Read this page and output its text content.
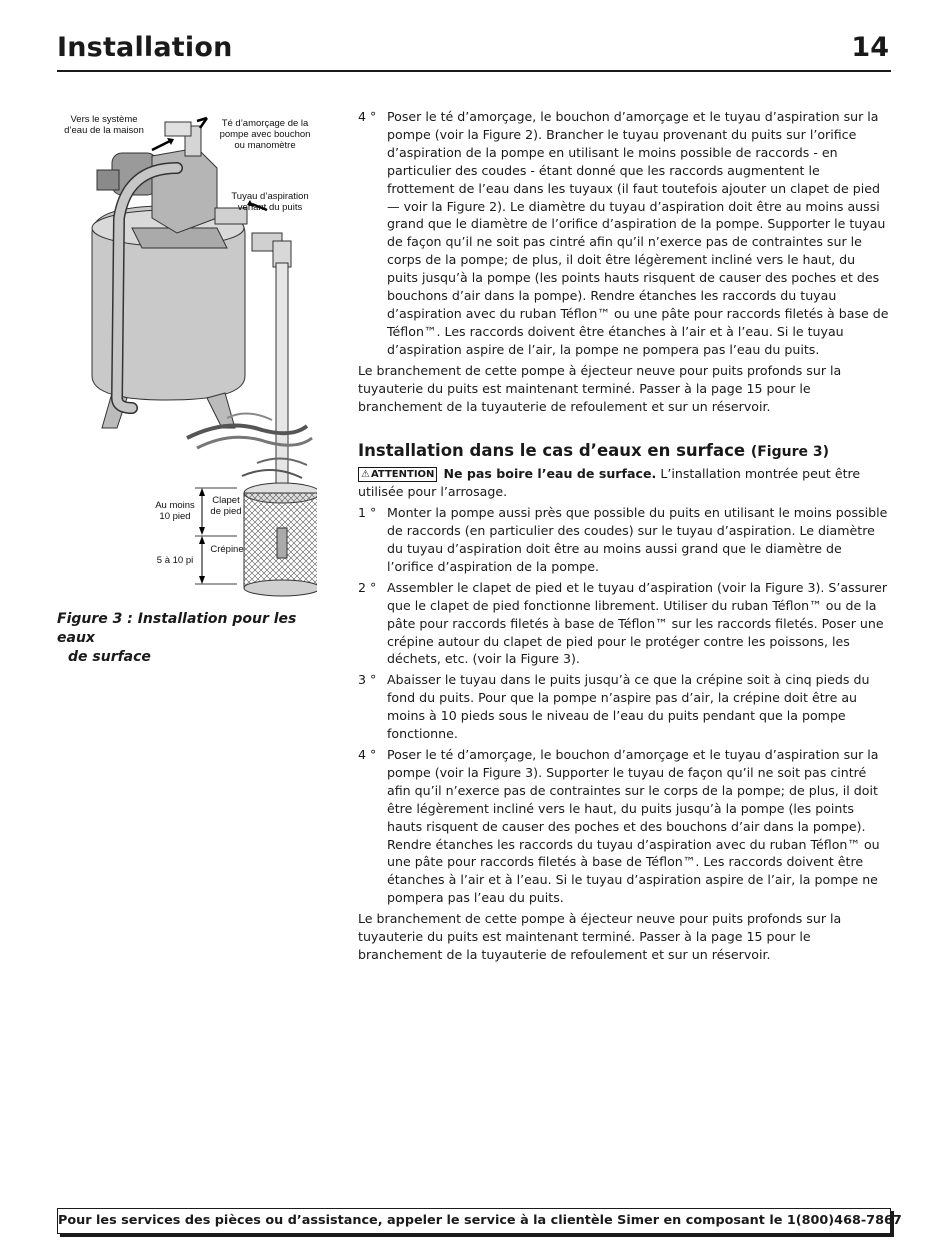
Installation	14
Vers le système d’eau de la maison
Té d’amorçage de la pompe avec bouchon ou manomètre
Tuyau d’aspiration venant du puits
Au moins 10 pied
Clapet de pied
5 à 10 pi
Crépine
Figure 3 : Installation pour les eaux
de surface
4 ° Poser le té d’amorçage, le bouchon d’amorçage et le tuyau d’aspiration sur la pompe (voir la Figure 2). Brancher le tuyau provenant du puits sur l’orifice d’aspiration de la pompe en utilisant le moins possible de raccords - en particulier des coudes - étant donné que les raccords augmentent le frottement de l’eau dans les tuyaux (il faut toutefois ajouter un clapet de pied — voir la Figure 2). Le diamètre du tuyau d’aspiration doit être au moins aussi grand que le diamètre de l’orifice d’aspiration de la pompe. Supporter le tuyau de façon qu’il ne soit pas cintré afin qu’il n’exerce pas de contraintes sur le corps de la pompe; de plus, il doit être légèrement incliné vers le haut, du puits jusqu’à la pompe (les points hauts risquent de causer des poches et des bouchons d’air dans la pompe). Rendre étanches les raccords du tuyau d’aspiration avec du ruban Téflon™ ou une pâte pour raccords filetés à base de Téflon™. Les raccords doivent être étanches à l’air et à l’eau. Si le tuyau d’aspiration aspire de l’air, la pompe ne pompera pas l’eau du puits.

Le branchement de cette pompe à éjecteur neuve pour puits profonds sur la tuyauterie du puits est maintenant terminé. Passer à la page 15 pour le branchement de la tuyauterie de refoulement et sur un réservoir.

Installation dans le cas d’eaux en surface (Figure 3)

⚠ATTENTION Ne pas boire l’eau de surface. L’installation montrée peut être utilisée pour l’arrosage.

1 ° Monter la pompe aussi près que possible du puits en utilisant le moins possible de raccords (en particulier des coudes) sur le tuyau d’aspiration. Le diamètre du tuyau d’aspiration doit être au moins aussi grand que le diamètre de l’orifice d’aspiration de la pompe.
2 ° Assembler le clapet de pied et le tuyau d’aspiration (voir la Figure 3). S’assurer que le clapet de pied fonctionne librement. Utiliser du ruban Téflon™ ou de la pâte pour raccords filetés à base de Téflon™ sur les raccords filetés. Poser une crépine autour du clapet de pied pour le protéger contre les poissons, les déchets, etc. (voir la Figure 3).
3 ° Abaisser le tuyau dans le puits jusqu’à ce que la crépine soit à cinq pieds du fond du puits. Pour que la pompe n’aspire pas d’air, la crépine doit être au moins à 10 pieds sous le niveau de l’eau du puits pendant que la pompe fonctionne.
4 ° Poser le té d’amorçage, le bouchon d’amorçage et le tuyau d’aspiration sur la pompe (voir la Figure 3). Supporter le tuyau de façon qu’il ne soit pas cintré afin qu’il n’exerce pas de contraintes sur le corps de la pompe; de plus, il doit être légèrement incliné vers le haut, du puits jusqu’à la pompe (les points hauts risquent de causer des poches et des bouchons d’air dans la pompe). Rendre étanches les raccords du tuyau d’aspiration avec du ruban Téflon™ ou une pâte pour raccords filetés à base de Téflon™. Les raccords doivent être étanches à l’air et à l’eau. Si le tuyau d’aspiration aspire de l’air, la pompe ne pompera pas l’eau du puits.

Le branchement de cette pompe à éjecteur neuve pour puits profonds sur la tuyauterie du puits est maintenant terminé. Passer à la page 15 pour le branchement de la tuyauterie de refoulement et sur un réservoir.

Pour les services des pièces ou d’assistance, appeler le service à la clientèle Simer en composant le 1(800)468-7867
